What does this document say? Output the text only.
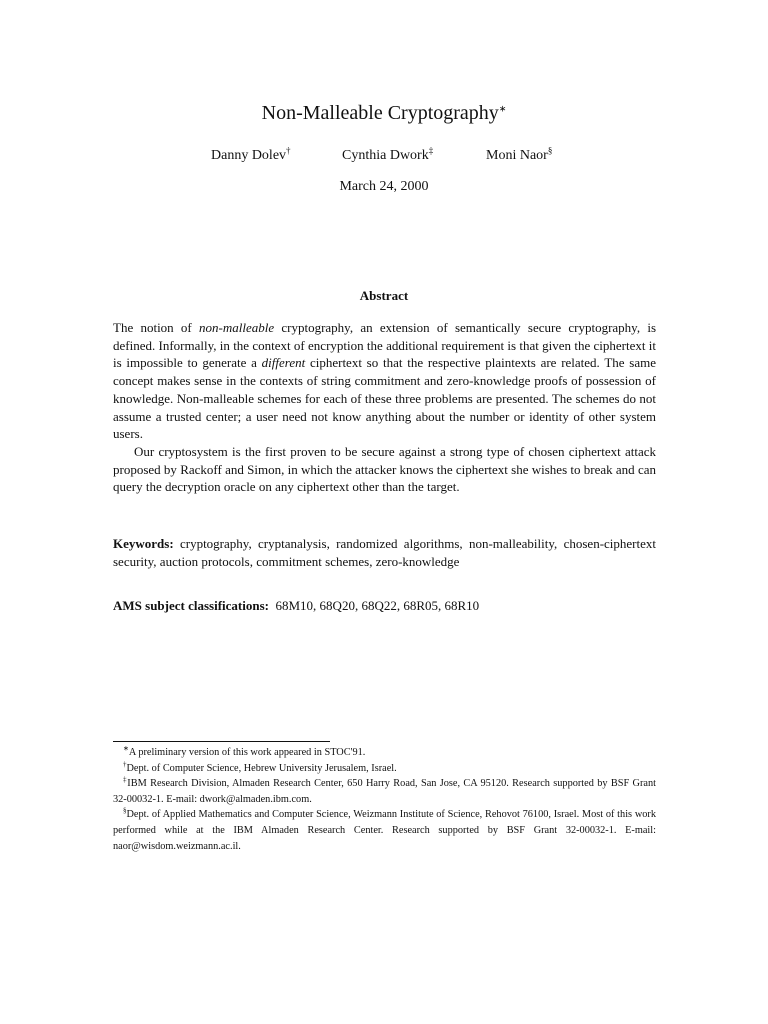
Non-Malleable Cryptography∗
Danny Dolev†	Cynthia Dwork‡	Moni Naor§
March 24, 2000
Abstract

The notion of non-malleable cryptography, an extension of semantically secure cryptography, is defined. Informally, in the context of encryption the additional requirement is that given the ciphertext it is impossible to generate a different ciphertext so that the respective plaintexts are related. The same concept makes sense in the contexts of string commitment and zero-knowledge proofs of possession of knowledge. Non-malleable schemes for each of these three problems are presented. The schemes do not assume a trusted center; a user need not know anything about the number or identity of other system users.

Our cryptosystem is the first proven to be secure against a strong type of chosen ciphertext attack proposed by Rackoff and Simon, in which the attacker knows the ciphertext she wishes to break and can query the decryption oracle on any ciphertext other than the target.

Keywords: cryptography, cryptanalysis, randomized algorithms, non-malleability, chosen-ciphertext security, auction protocols, commitment schemes, zero-knowledge
AMS subject classifications:  68M10, 68Q20, 68Q22, 68R05, 68R10

∗A preliminary version of this work appeared in STOC'91.

†Dept. of Computer Science, Hebrew University Jerusalem, Israel.

‡IBM Research Division, Almaden Research Center, 650 Harry Road, San Jose, CA 95120. Research supported by BSF Grant 32-00032-1. E-mail: dwork@almaden.ibm.com.

§Dept. of Applied Mathematics and Computer Science, Weizmann Institute of Science, Rehovot 76100, Israel. Most of this work performed while at the IBM Almaden Research Center. Research supported by BSF Grant 32-00032-1. E-mail: naor@wisdom.weizmann.ac.il.
